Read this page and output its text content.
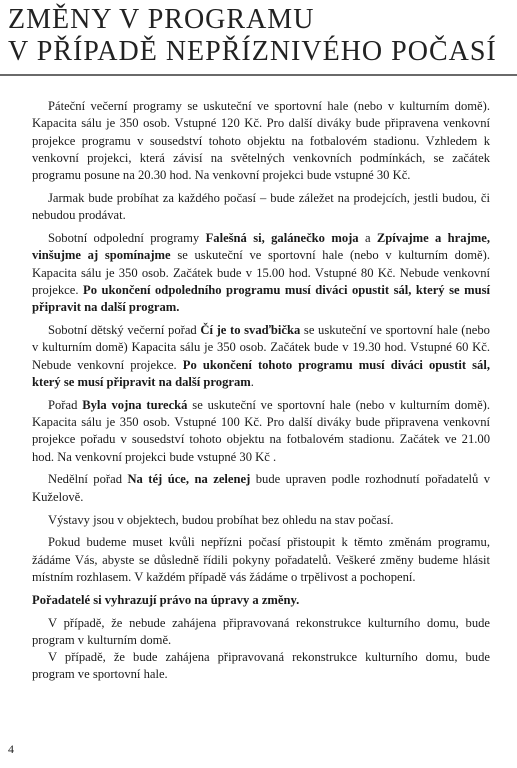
ZMĚNY V PROGRAMU
V PŘÍPADĚ NEPŘÍZNIVÉHO POČASÍ

Páteční večerní programy se uskuteční ve sportovní hale (nebo v kulturním domě). Kapacita sálu je 350 osob. Vstupné 120 Kč. Pro další diváky bude připravena venkovní projekce programu v sousedství tohoto objektu na fotbalovém stadionu. Vzhledem k venkovní projekci, která závisí na světelných venkovních podmínkách, se začátek programu posune na 20.30 hod. Na venkovní projekci bude vstupné 30 Kč.

Jarmak bude probíhat za každého počasí – bude záležet na prodejcích, jestli budou, či nebudou prodávat.

Sobotní odpolední programy Falešná si, galánečko moja a Zpívajme a hrajme, vinšujme aj spomínajme se uskuteční ve sportovní hale (nebo v kulturním domě). Kapacita sálu je 350 osob. Začátek bude v 15.00 hod. Vstupné 80 Kč. Nebude venkovní projekce. Po ukončení odpoledního programu musí diváci opustit sál, který se musí připravit na další program.

Sobotní dětský večerní pořad Čí je to svaďbička se uskuteční ve sportovní hale (nebo v kulturním domě) Kapacita sálu je 350 osob. Začátek bude v 19.30 hod. Vstupné 60 Kč. Nebude venkovní projekce. Po ukončení tohoto programu musí diváci opustit sál, který se musí připravit na další program.

Pořad Byla vojna turecká se uskuteční ve sportovní hale (nebo v kulturním domě). Kapacita sálu je 350 osob. Vstupné 100 Kč. Pro další diváky bude připravena venkovní projekce pořadu v sousedství tohoto objektu na fotbalovém stadionu. Začátek ve 21.00 hod. Na venkovní projekci bude vstupné 30 Kč .

Nedělní pořad Na téj úce, na zelenej bude upraven podle rozhodnutí pořadatelů v Kuželově.

Výstavy jsou v objektech, budou probíhat bez ohledu na stav počasí.

Pokud budeme muset kvůli nepřízni počasí přistoupit k těmto změnám programu, žádáme Vás, abyste se důsledně řídili pokyny pořadatelů. Veškeré změny budeme hlásit místním rozhlasem. V každém případě vás žádáme o trpělivost a pochopení.

Pořadatelé si vyhrazují právo na úpravy a změny.

V případě, že nebude zahájena připravovaná rekonstrukce kulturního domu, bude program v kulturním domě.

V případě, že bude zahájena připravovaná rekonstrukce kulturního domu, bude program ve sportovní hale.

4
